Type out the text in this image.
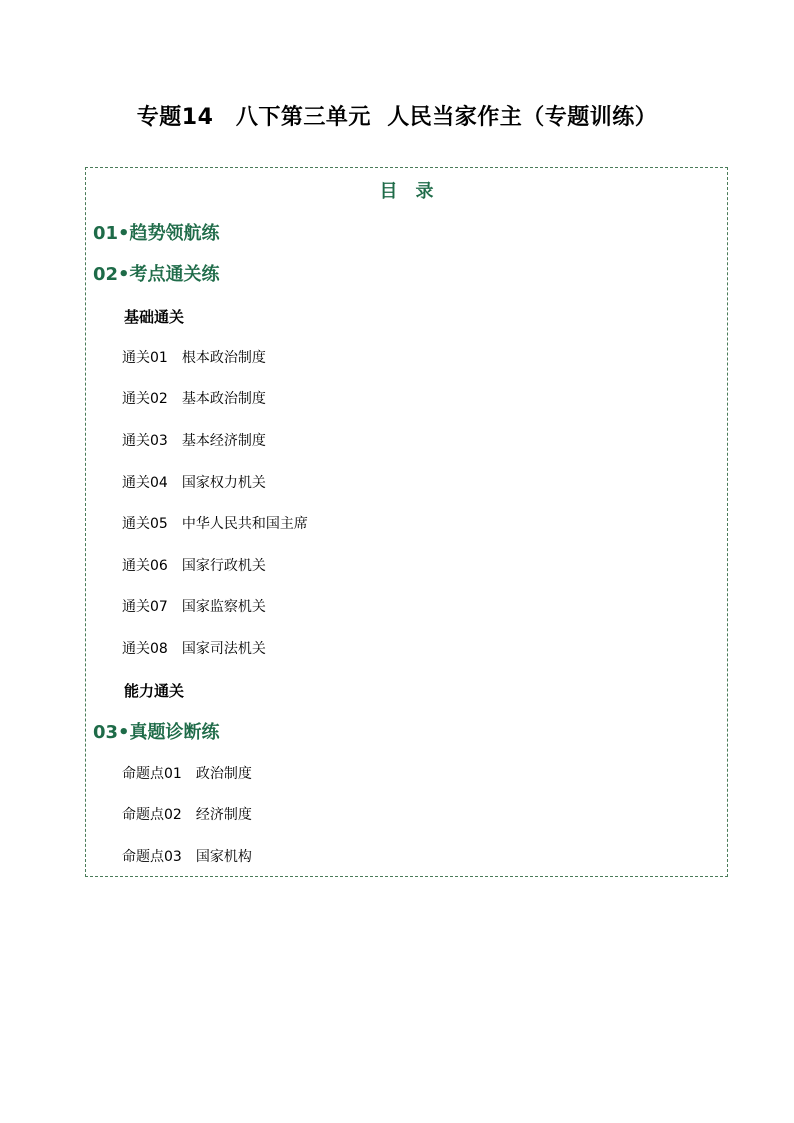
专题14　八下第三单元  人民当家作主（专题训练）
目　录
01•趋势领航练
02•考点通关练
基础通关
通关01 根本政治制度
通关02 基本政治制度
通关03 基本经济制度
通关04 国家权力机关
通关05 中华人民共和国主席
通关06 国家行政机关
通关07 国家监察机关
通关08 国家司法机关
能力通关
03•真题诊断练
命题点01 政治制度
命题点02 经济制度
命题点03 国家机构
